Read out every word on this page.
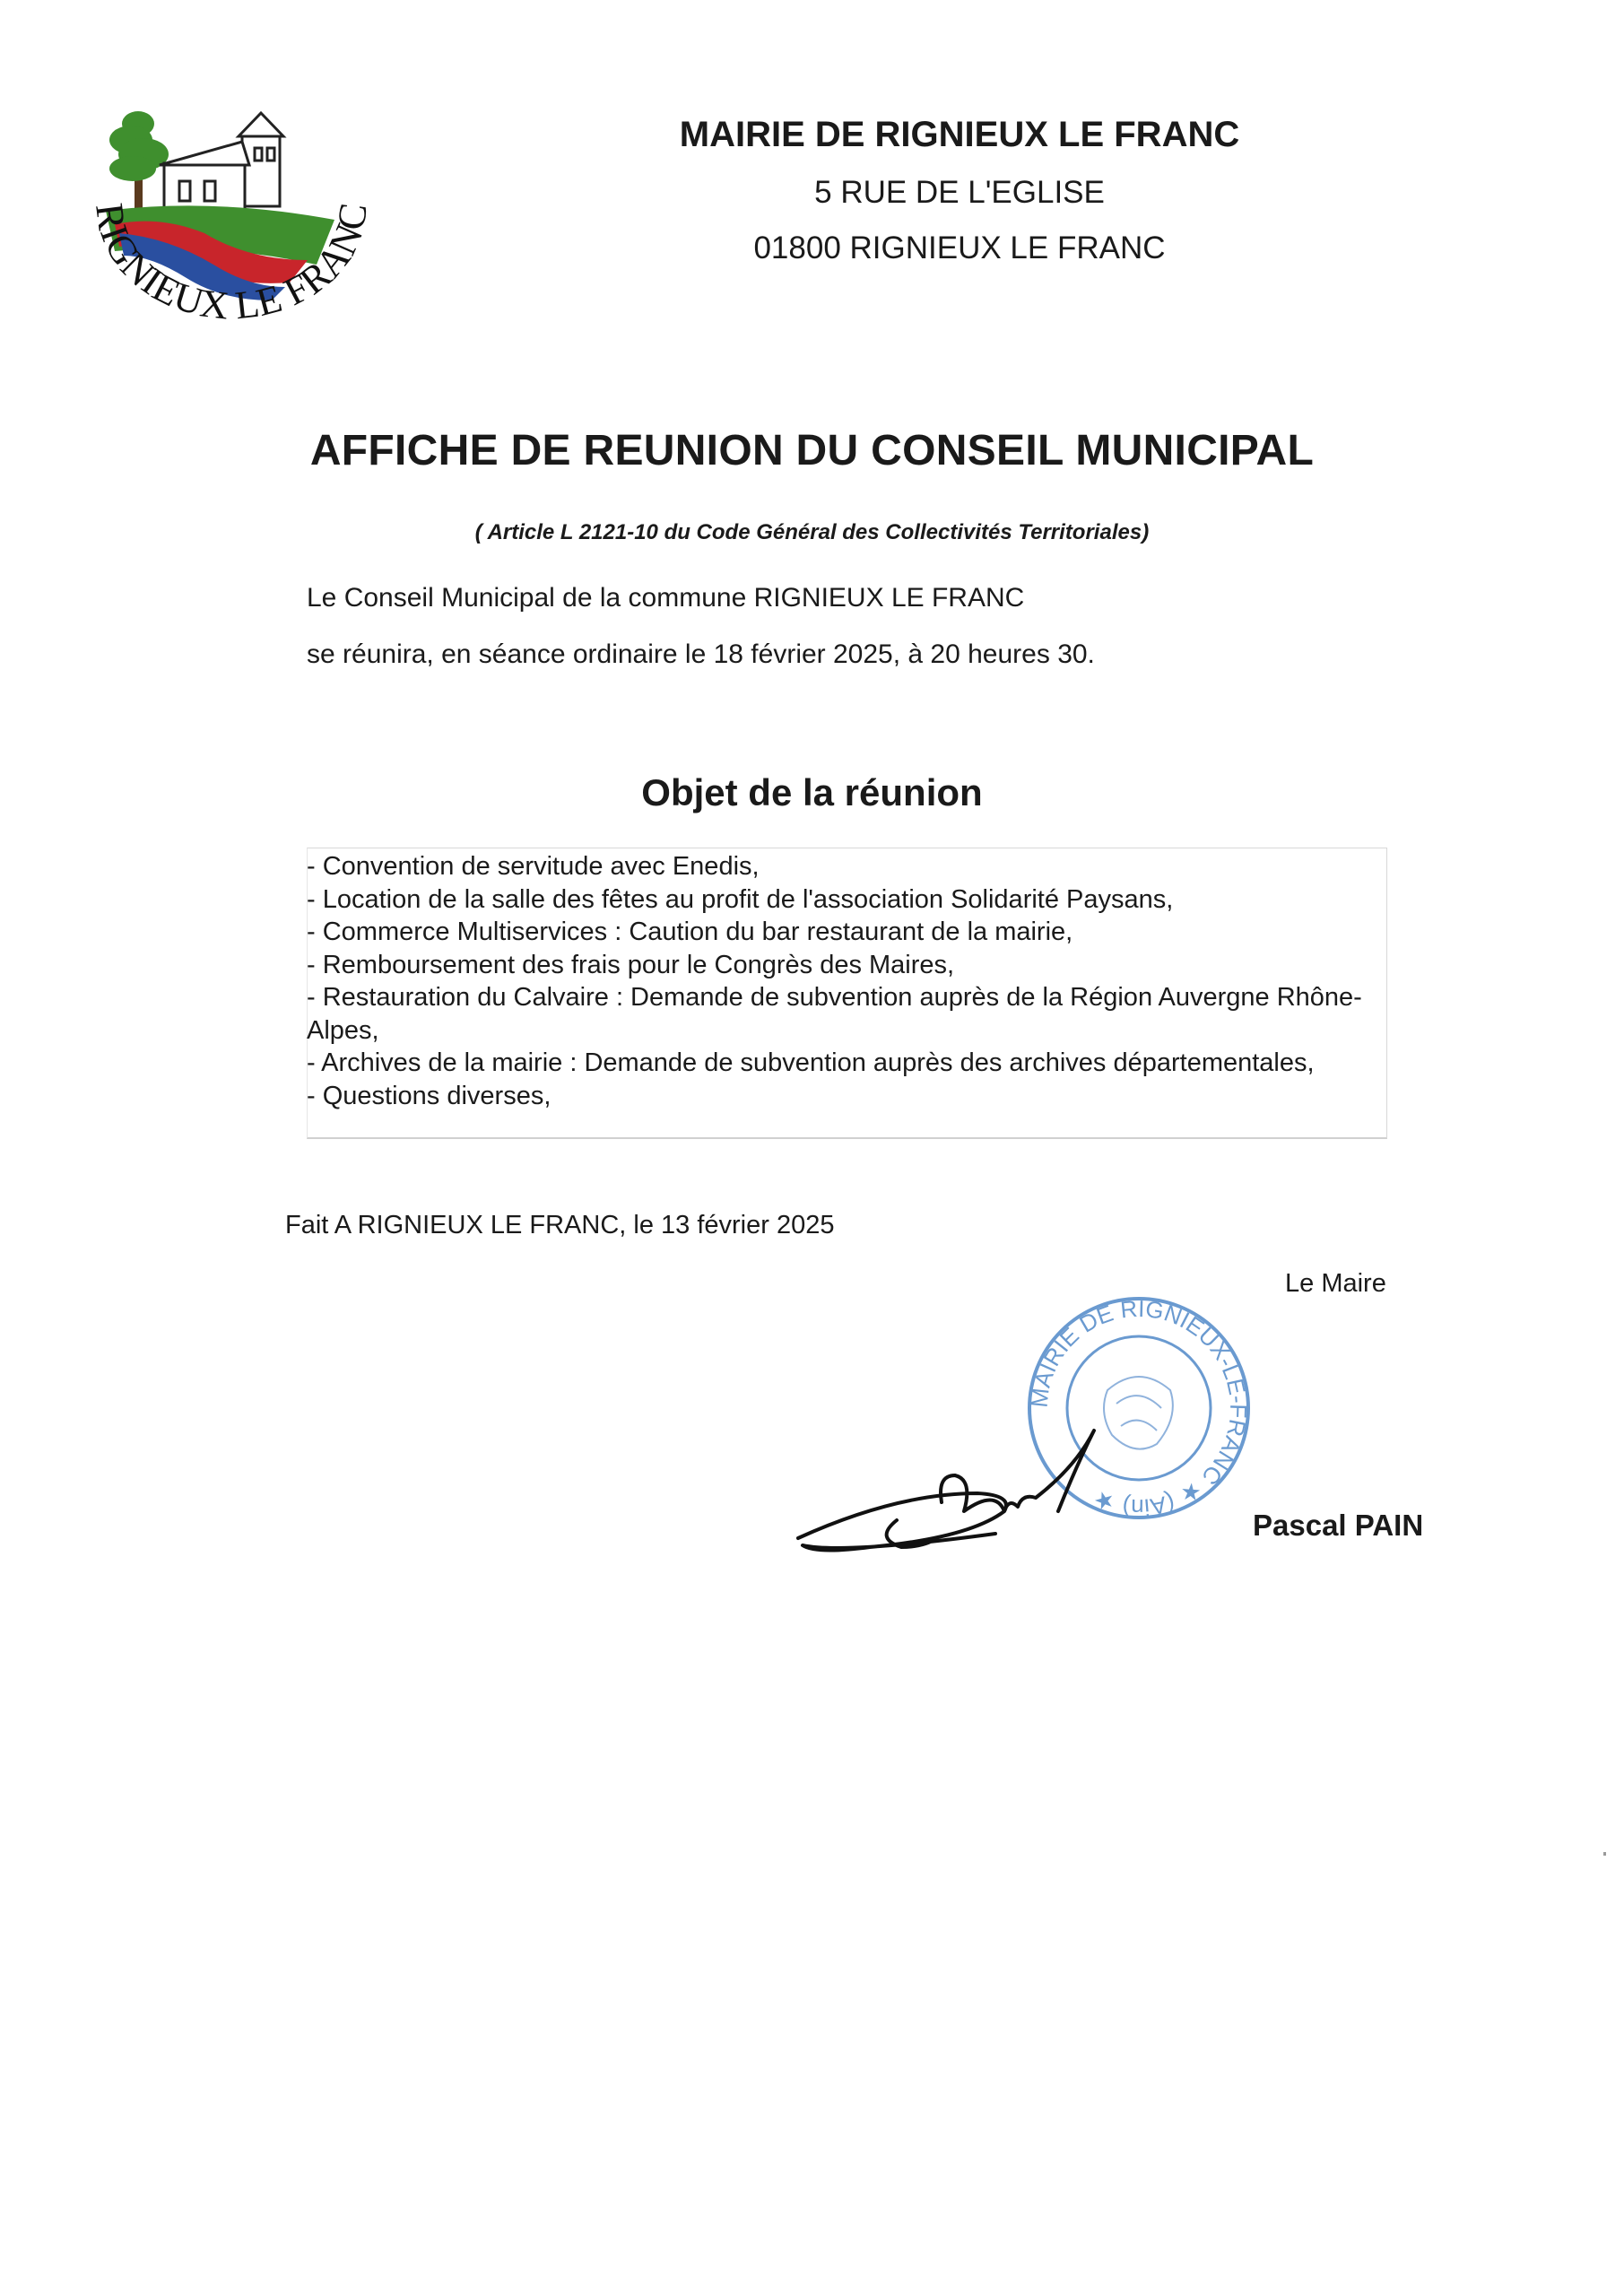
RIGNIEUX LE FRANC
MAIRIE DE RIGNIEUX LE FRANC
5 RUE DE L'EGLISE
01800 RIGNIEUX LE FRANC
AFFICHE DE REUNION DU CONSEIL MUNICIPAL
( Article L 2121-10 du Code Général des Collectivités Territoriales)
Le Conseil Municipal de la commune RIGNIEUX LE FRANC
se réunira, en séance ordinaire le 18 février 2025, à 20 heures 30.
Objet de la réunion
- Convention de servitude avec Enedis,
- Location de la salle des fêtes au profit de l'association Solidarité Paysans,
- Commerce Multiservices : Caution du bar restaurant de la mairie,
- Remboursement des frais pour le Congrès des Maires,
- Restauration du Calvaire : Demande de subvention auprès de la Région Auvergne Rhône-Alpes,
- Archives de la mairie : Demande de subvention auprès des archives départementales,
- Questions diverses,
Fait A RIGNIEUX LE FRANC, le 13 février 2025
Le Maire
MAIRIE DE RIGNIEUX-LE-FRANC ★ (Ain) ★
Pascal PAIN
